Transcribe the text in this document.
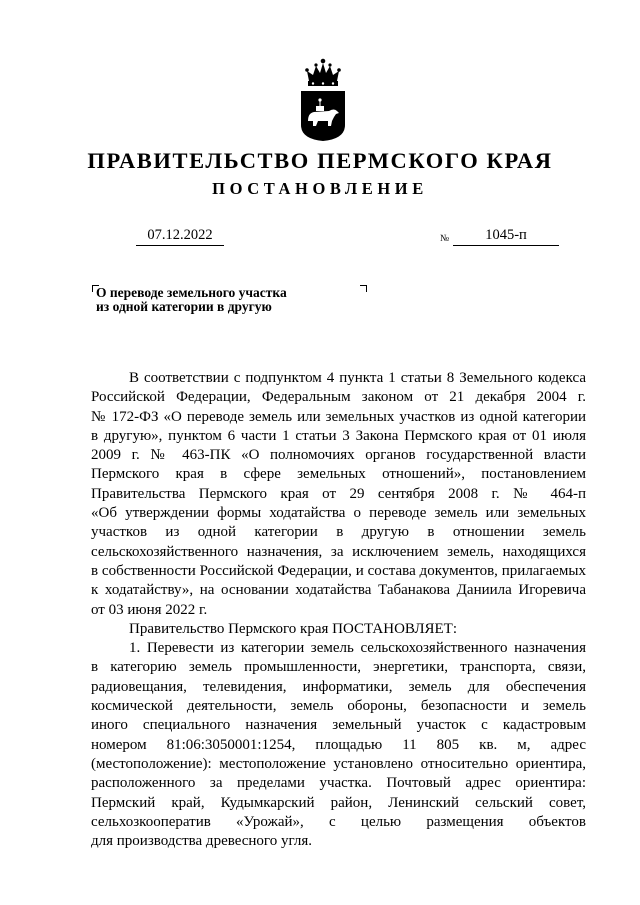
ПРАВИТЕЛЬСТВО ПЕРМСКОГО КРАЯ
ПОСТАНОВЛЕНИЕ
07.12.2022	№	1045-п
О переводе земельного участка
из одной категории в другую
В соответствии с подпунктом 4 пункта 1 статьи 8 Земельного кодекса
Российской Федерации, Федеральным законом от 21 декабря 2004 г.
№ 172-ФЗ «О переводе земель или земельных участков из одной категории
в другую», пунктом 6 части 1 статьи 3 Закона Пермского края от 01 июля
2009 г. № 463-ПК «О полномочиях органов государственной власти
Пермского края в сфере земельных отношений», постановлением
Правительства Пермского края от 29 сентября 2008 г. № 464-п
«Об утверждении формы ходатайства о переводе земель или земельных
участков из одной категории в другую в отношении земель
сельскохозяйственного назначения, за исключением земель, находящихся
в собственности Российской Федерации, и состава документов, прилагаемых
к ходатайству», на основании ходатайства Табанакова Даниила Игоревича
от 03 июня 2022 г.
Правительство Пермского края ПОСТАНОВЛЯЕТ:
1. Перевести из категории земель сельскохозяйственного назначения
в категорию земель промышленности, энергетики, транспорта, связи,
радиовещания, телевидения, информатики, земель для обеспечения
космической деятельности, земель обороны, безопасности и земель
иного специального назначения земельный участок с кадастровым
номером 81:06:3050001:1254, площадью 11 805 кв. м, адрес
(местоположение): местоположение установлено относительно ориентира,
расположенного за пределами участка. Почтовый адрес ориентира:
Пермский край, Кудымкарский район, Ленинский сельский совет,
сельхозкооператив «Урожай», с целью размещения объектов
для производства древесного угля.
